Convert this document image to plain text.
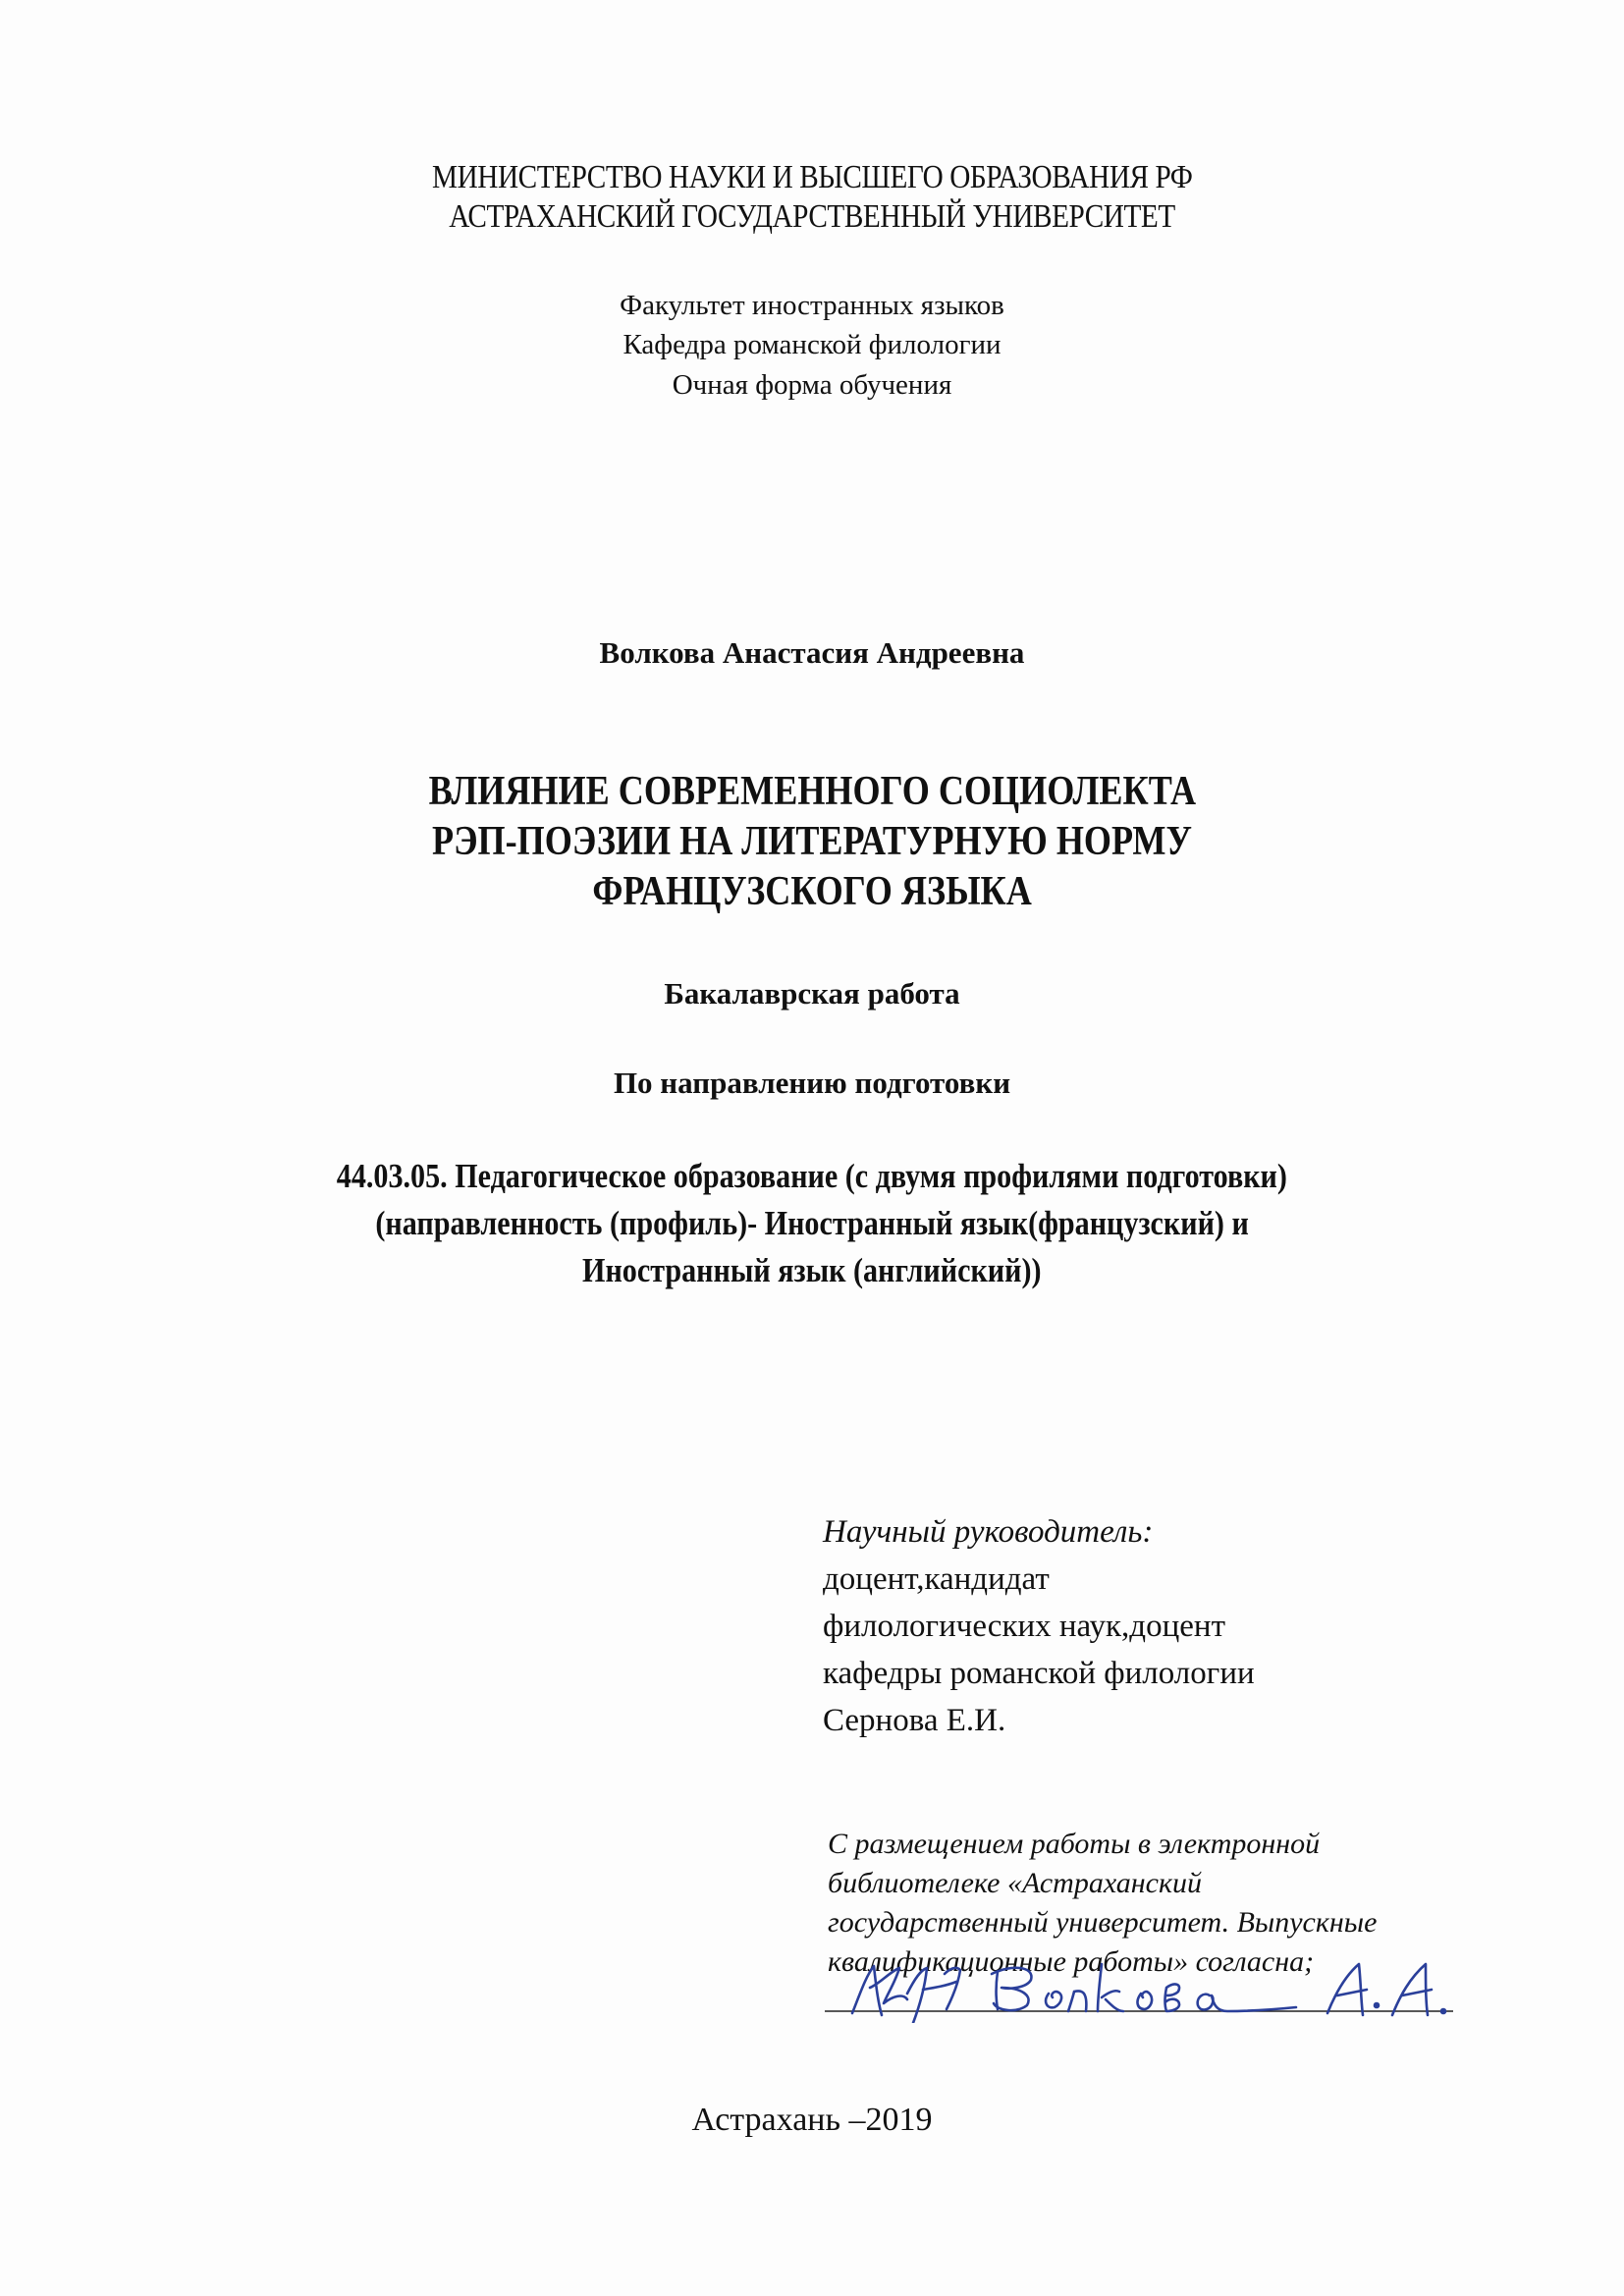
МИНИСТЕРСТВО НАУКИ И ВЫСШЕГО ОБРАЗОВАНИЯ РФ
АСТРАХАНСКИЙ ГОСУДАРСТВЕННЫЙ УНИВЕРСИТЕТ
Факультет иностранных языков
Кафедра романской филологии
Очная форма обучения
Волкова Анастасия Андреевна
ВЛИЯНИЕ СОВРЕМЕННОГО СОЦИОЛЕКТА
РЭП-ПОЭЗИИ НА ЛИТЕРАТУРНУЮ НОРМУ
ФРАНЦУЗСКОГО ЯЗЫКА
Бакалаврская работа
По направлению подготовки
44.03.05. Педагогическое образование (с двумя профилями подготовки)
(направленность (профиль)- Иностранный язык(французский) и
Иностранный язык (английский))
Научный руководитель:
доцент,кандидат
филологических наук,доцент
кафедры романской филологии
Сернова Е.И.
С размещением работы в электронной
библиотелеке «Астраханский
государственный университет. Выпускные
квалификационные работы» согласна;
Астрахань –2019
